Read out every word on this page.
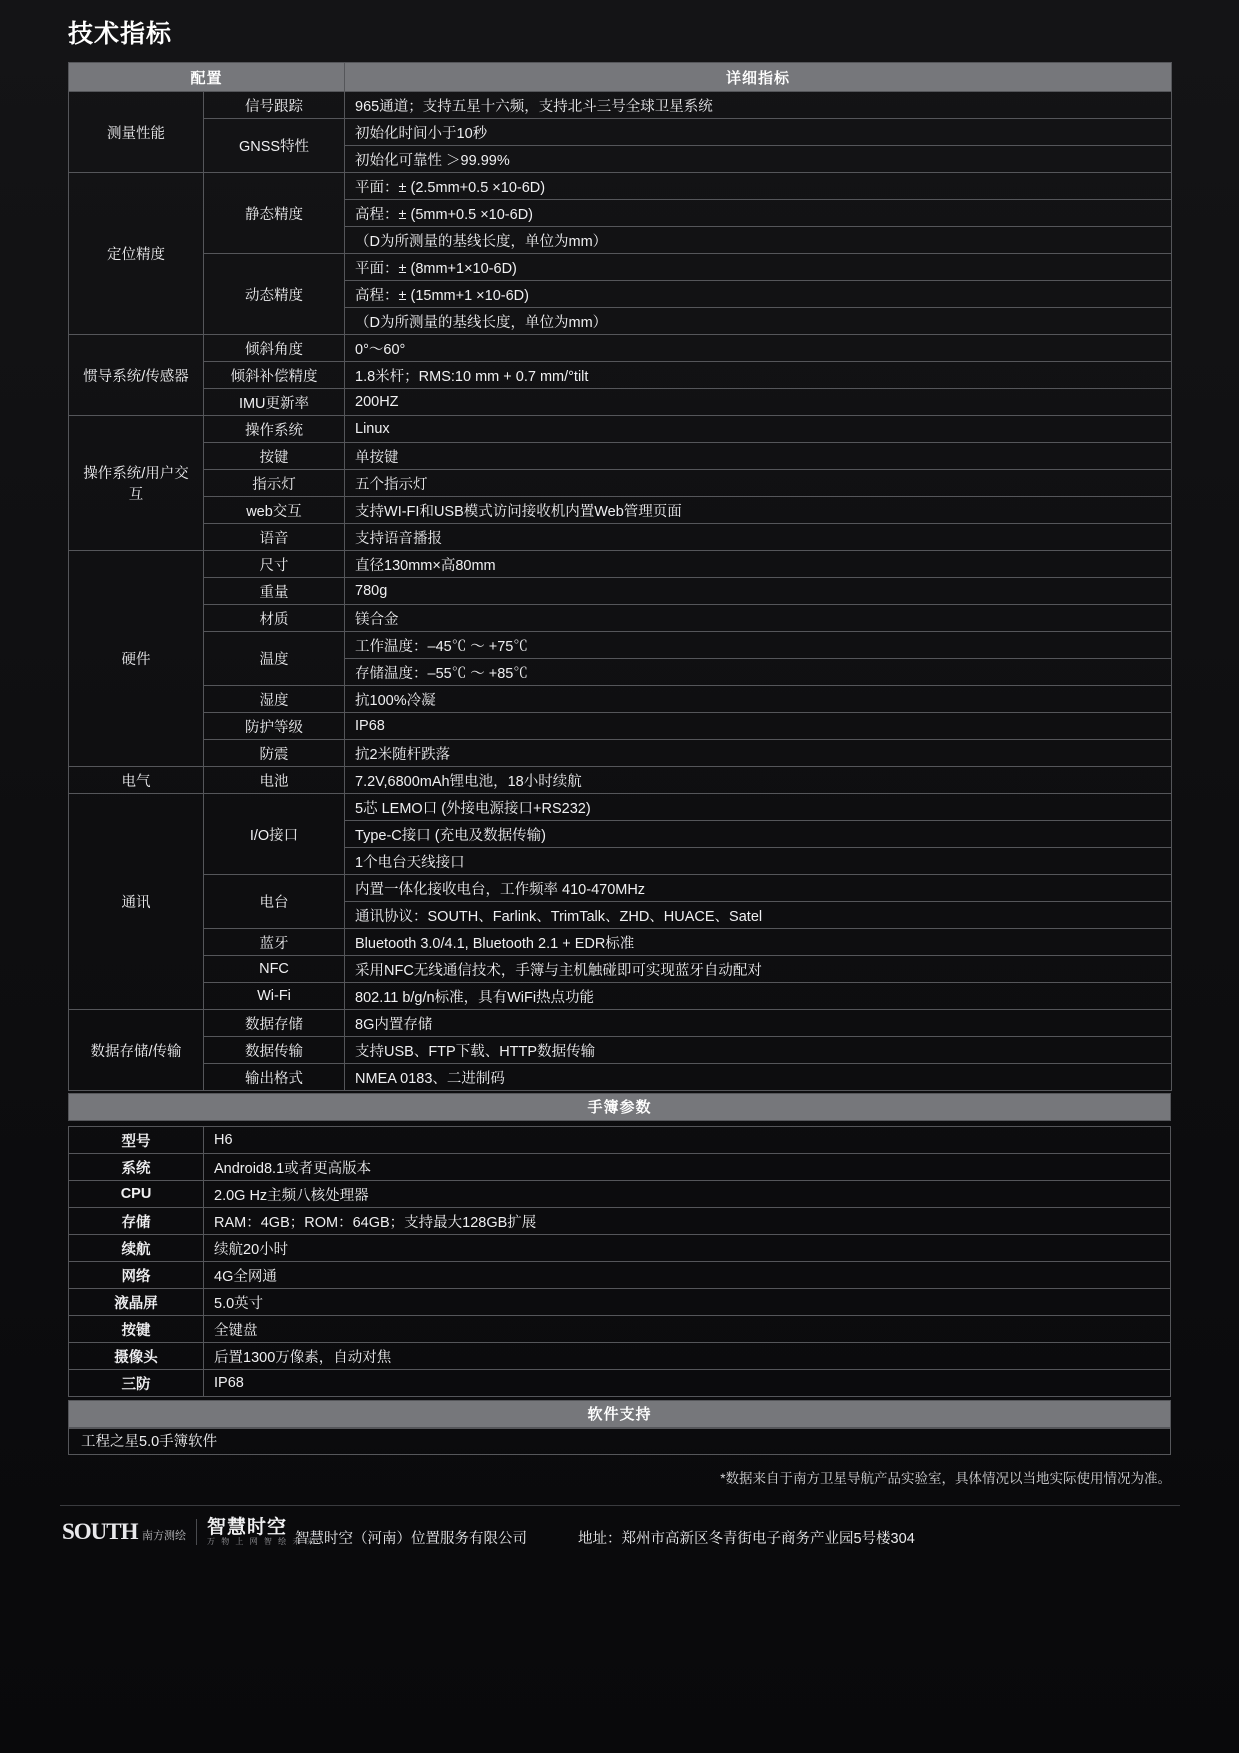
技术指标
配置		详细指标
测量性能	信号跟踪	965通道；支持五星十六频，支持北斗三号全球卫星系统
	GNSS特性	初始化时间小于10秒
		初始化可靠性 ＞99.99%
定位精度	静态精度	平面：± (2.5mm+0.5 ×10-6D)
		高程：± (5mm+0.5 ×10-6D)
		（D为所测量的基线长度，单位为mm）
	动态精度	平面：± (8mm+1×10-6D)
		高程：± (15mm+1 ×10-6D)
		（D为所测量的基线长度，单位为mm）
惯导系统/传感器	倾斜角度	0°～60°
	倾斜补偿精度	1.8米杆；RMS:10 mm + 0.7 mm/°tilt
	IMU更新率	200HZ
操作系统/用户交互	操作系统	Linux
	按键	单按键
	指示灯	五个指示灯
	web交互	支持WI-FI和USB模式访问接收机内置Web管理页面
	语音	支持语音播报
硬件	尺寸	直径130mm×高80mm
	重量	780g
	材质	镁合金
	温度	工作温度：–45℃ ～ +75℃
		存储温度：–55℃ ～ +85℃
	湿度	抗100%冷凝
	防护等级	IP68
	防震	抗2米随杆跌落
电气	电池	7.2V,6800mAh锂电池，18小时续航
通讯	I/O接口	5芯 LEMO口 (外接电源接口+RS232)
		Type-C接口 (充电及数据传输)
		1个电台天线接口
	电台	内置一体化接收电台，工作频率 410-470MHz
		通讯协议：SOUTH、Farlink、TrimTalk、ZHD、HUACE、Satel
	蓝牙	Bluetooth 3.0/4.1, Bluetooth 2.1 + EDR标准
	NFC	采用NFC无线通信技术，手簿与主机触碰即可实现蓝牙自动配对
	Wi-Fi	802.11 b/g/n标准，具有WiFi热点功能
数据存储/传输	数据存储	8G内置存储
	数据传输	支持USB、FTP下载、HTTP数据传输
	输出格式	NMEA 0183、二进制码
手簿参数
型号	H6
系统	Android8.1或者更高版本
CPU	2.0G Hz主频八核处理器
存储	RAM：4GB；ROM：64GB；支持最大128GB扩展
续航	续航20小时
网络	4G全网通
液晶屏	5.0英寸
按键	全键盘
摄像头	后置1300万像素，自动对焦
三防	IP68
软件支持
工程之星5.0手簿软件
*数据来自于南方卫星导航产品实验室，具体情况以当地实际使用情况为准。
SOUTH 南方测绘 智慧时空
万 物 上 网 智 绘 未 来
智慧时空（河南）位置服务有限公司	地址：郑州市高新区冬青街电子商务产业园5号楼304
